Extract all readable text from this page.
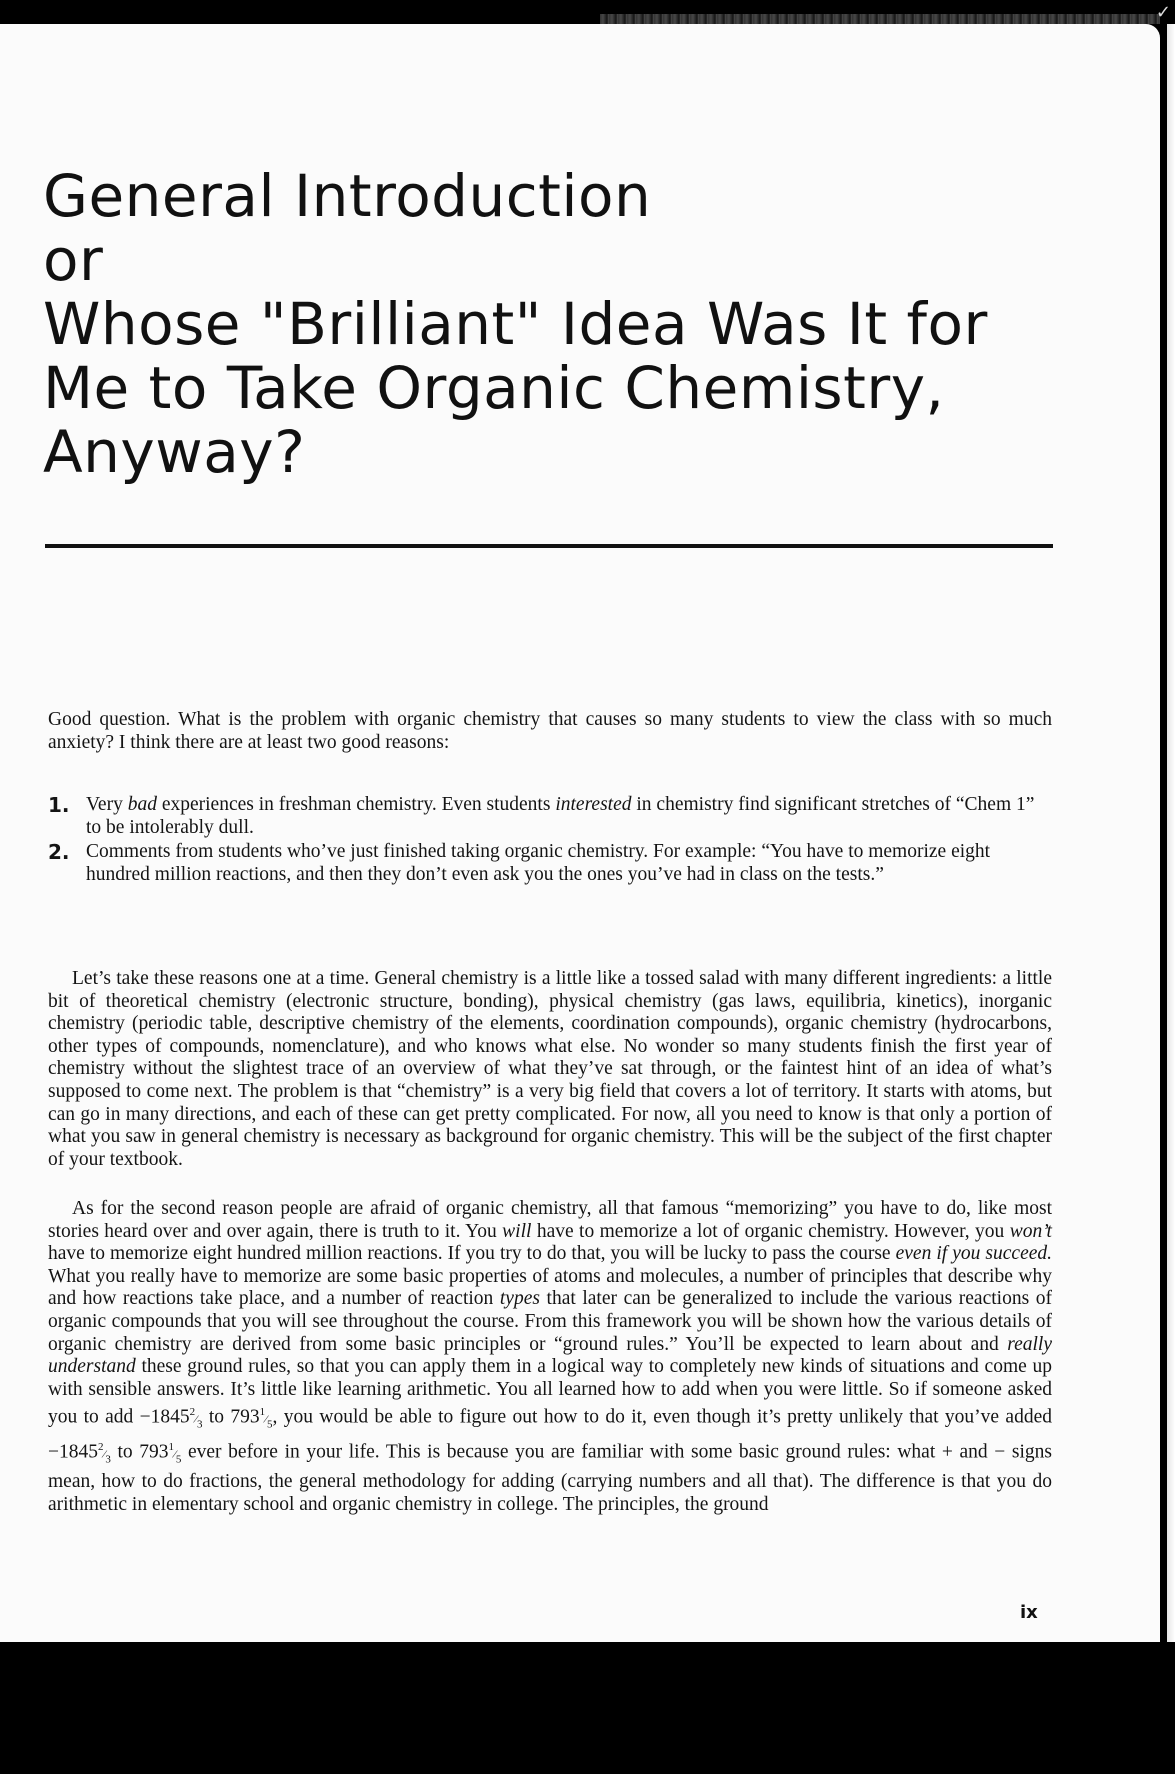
✓
General Introduction
or
Whose "Brilliant" Idea Was It for
Me to Take Organic Chemistry,
Anyway?

Good question. What is the problem with organic chemistry that causes so many students to view the class with so much anxiety? I think there are at least two good reasons:

1. Very bad experiences in freshman chemistry. Even students interested in chemistry find significant stretches of “Chem 1” to be intolerably dull.
2. Comments from students who’ve just finished taking organic chemistry. For example: “You have to memorize eight hundred million reactions, and then they don’t even ask you the ones you’ve had in class on the tests.”

Let’s take these reasons one at a time. General chemistry is a little like a tossed salad with many different ingredients: a little bit of theoretical chemistry (electronic structure, bonding), physical chemistry (gas laws, equilibria, kinetics), inorganic chemistry (periodic table, descriptive chemistry of the elements, coordination compounds), organic chemistry (hydrocarbons, other types of compounds, nomenclature), and who knows what else. No wonder so many students finish the first year of chemistry without the slightest trace of an overview of what they’ve sat through, or the faintest hint of an idea of what’s supposed to come next. The problem is that “chemistry” is a very big field that covers a lot of territory. It starts with atoms, but can go in many directions, and each of these can get pretty complicated. For now, all you need to know is that only a portion of what you saw in general chemistry is necessary as background for organic chemistry. This will be the subject of the first chapter of your textbook.

As for the second reason people are afraid of organic chemistry, all that famous “memorizing” you have to do, like most stories heard over and over again, there is truth to it. You will have to memorize a lot of organic chemistry. However, you won’t have to memorize eight hundred million reactions. If you try to do that, you will be lucky to pass the course even if you succeed. What you really have to memorize are some basic properties of atoms and molecules, a number of principles that describe why and how reactions take place, and a number of reaction types that later can be generalized to include the various reactions of organic compounds that you will see throughout the course. From this framework you will be shown how the various details of organic chemistry are derived from some basic principles or “ground rules.” You’ll be expected to learn about and really understand these ground rules, so that you can apply them in a logical way to completely new kinds of situations and come up with sensible answers. It’s little like learning arithmetic. You all learned how to add when you were little. So if someone asked you to add $-1845^2⁄_3$ to $793^1⁄_5$, you would be able to figure out how to do it, even though it’s pretty unlikely that you’ve added $-1845^2⁄_3$ to $793^1⁄_5$ ever before in your life. This is because you are familiar with some basic ground rules: what + and − signs mean, how to do fractions, the general methodology for adding (carrying numbers and all that). The difference is that you do arithmetic in elementary school and organic chemistry in college. The principles, the ground

ix
